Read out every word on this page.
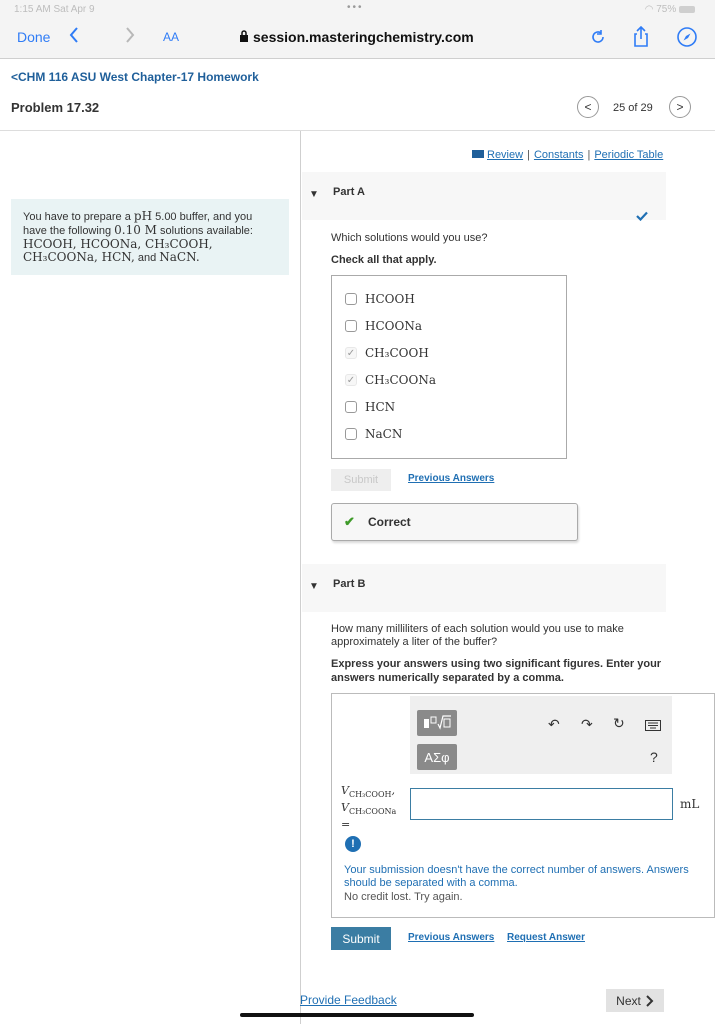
1:15 AM Sat Apr 9	•••	◠ 75%
Done	AA	session.masteringchemistry.com
<CHM 116 ASU West Chapter-17 Homework
Problem 17.32	< 25 of 29 >
You have to prepare a pH 5.00 buffer, and you
have the following 0.10 M solutions available:
HCOOH, HCOONa, CH₃COOH,
CH₃COONa, HCN, and NaCN.
Review | Constants | Periodic Table
▼ Part A
Which solutions would you use?
Check all that apply.
HCOOH
HCOONa
✓ CH₃COOH
✓ CH₃COONa
HCN
NaCN
Submit	Previous Answers
✔ Correct
▼ Part B
How many milliliters of each solution would you use to make
approximately a liter of the buffer?
Express your answers using two significant figures. Enter your
answers numerically separated by a comma.
ΑΣφ
↶ ↷ ↻
?
$V_{CH_3COOH}$,
$V_{CH_3COONa}$
=
mL
!
Your submission doesn't have the correct number of answers. Answers
should be separated with a comma.
No credit lost. Try again.
Submit	Previous Answers Request Answer
Provide Feedback	Next
